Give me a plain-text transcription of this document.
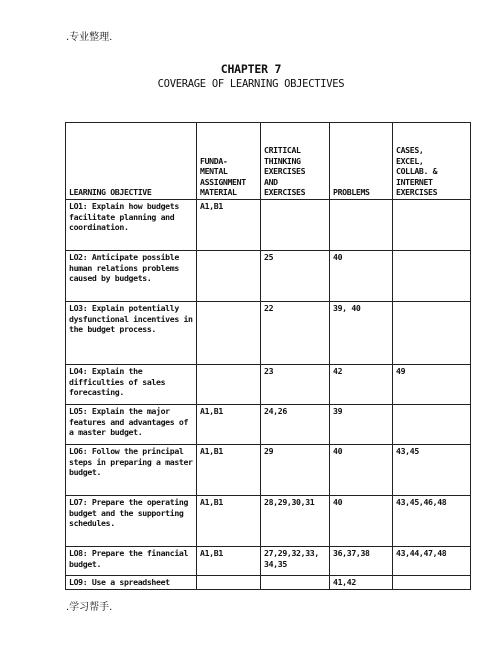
.专业整理.
CHAPTER 7
COVERAGE OF LEARNING OBJECTIVES
LEARNING OBJECTIVE	FUNDA-
MENTAL
ASSIGNMENT
MATERIAL	CRITICAL
THINKING
EXERCISES
AND
EXERCISES	PROBLEMS	CASES,
EXCEL,
COLLAB. &
INTERNET
EXERCISES
LO1: Explain how budgets facilitate planning and coordination.	A1,B1			
LO2: Anticipate possible human relations problems caused by budgets.		25	40	
LO3: Explain potentially dysfunctional incentives in the budget process.		22	39, 40	
LO4: Explain the difficulties of sales forecasting.		23	42	49
LO5: Explain the major features and advantages of a master budget.	A1,B1	24,26	39	
LO6: Follow the principal steps in preparing a master budget.	A1,B1	29	40	43,45
LO7: Prepare the operating budget and the supporting schedules.	A1,B1	28,29,30,31	40	43,45,46,48
LO8: Prepare the financial budget.	A1,B1	27,29,32,33, 34,35	36,37,38	43,44,47,48
LO9: Use a spreadsheet			41,42	
.学习帮手.
